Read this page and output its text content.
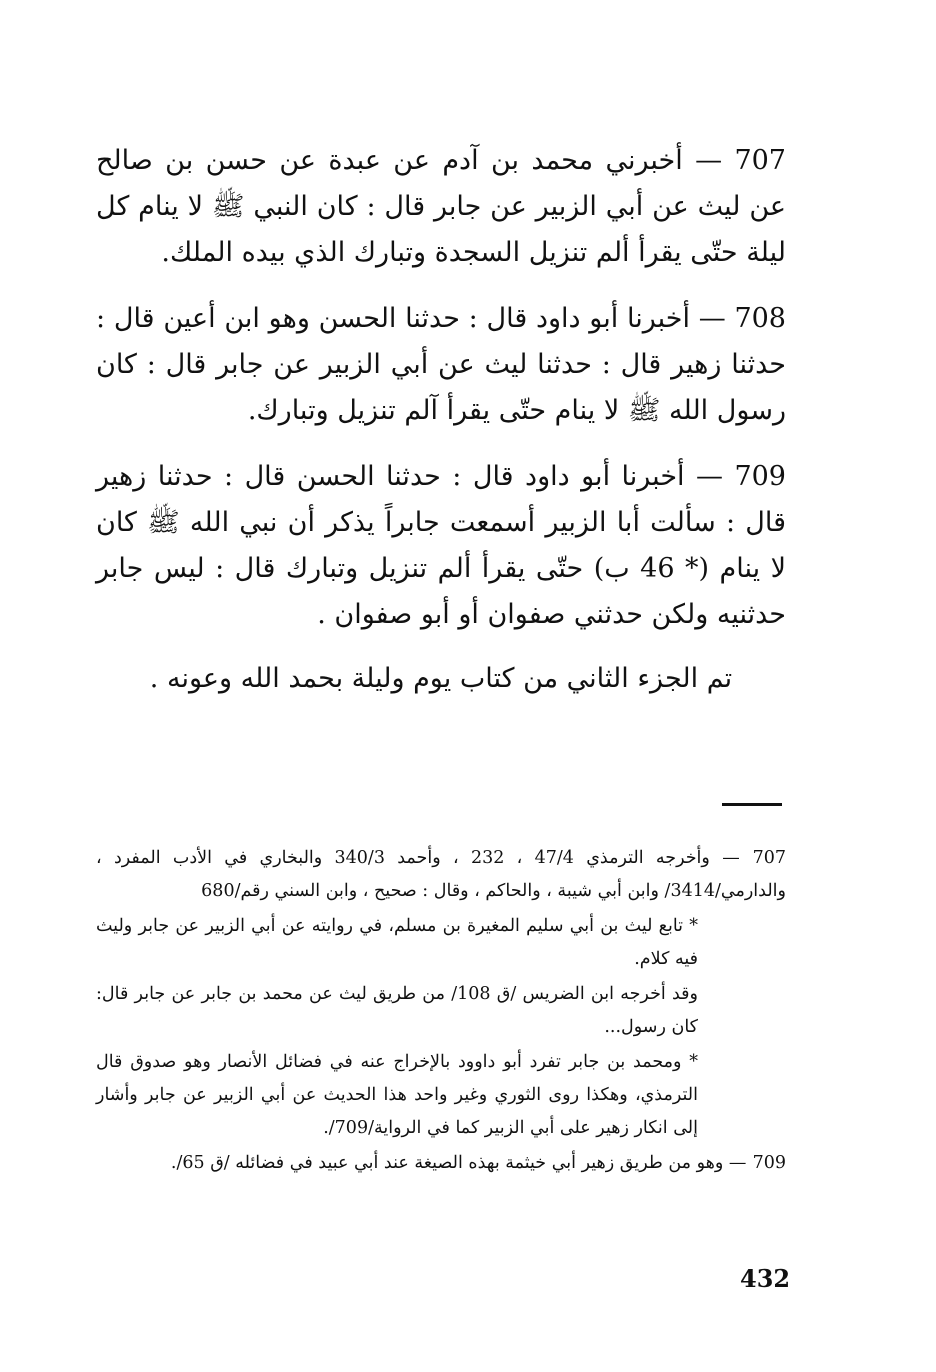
707 — أخبرني محمد بن آدم عن عبدة عن حسن بن صالح عن ليث عن أبي الزبير عن جابر قال : كان النبي ﷺ لا ينام كل ليلة حتّى يقرأ ألم تنزيل السجدة وتبارك الذي بيده الملك.

708 — أخبرنا أبو داود قال : حدثنا الحسن وهو ابن أعين قال : حدثنا زهير قال : حدثنا ليث عن أبي الزبير عن جابر قال : كان رسول الله ﷺ لا ينام حتّى يقرأ آلم تنزيل وتبارك.

709 — أخبرنا أبو داود قال : حدثنا الحسن قال : حدثنا زهير قال : سألت أبا الزبير أسمعت جابراً يذكر أن نبي الله ﷺ كان لا ينام (* 46 ب) حتّى يقرأ ألم تنزيل وتبارك قال : ليس جابر حدثنيه ولكن حدثني صفوان أو أبو صفوان .

تم الجزء الثاني من كتاب يوم وليلة بحمد الله وعونه .

707 — وأخرجه الترمذي 47/4 ، 232 ، وأحمد 340/3 والبخاري في الأدب المفرد ، والدارمي/3414/ وابن أبي شيبة ، والحاكم ، وقال : صحيح ، وابن السني رقم/680

* تابع ليث بن أبي سليم المغيرة بن مسلم، في روايته عن أبي الزبير عن جابر وليث فيه كلام.

وقد أخرجه ابن الضريس /ق 108/ من طريق ليث عن محمد بن جابر عن جابر قال: كان رسول...

* ومحمد بن جابر تفرد أبو داوود بالإخراج عنه في فضائل الأنصار وهو صدوق قال الترمذي، وهكذا روى الثوري وغير واحد هذا الحديث عن أبي الزبير عن جابر وأشار إلى انكار زهير على أبي الزبير كما في الرواية/709/.

709 — وهو من طريق زهير أبي خيثمة بهذه الصيغة عند أبي عبيد في فضائله /ق 65/.

432
